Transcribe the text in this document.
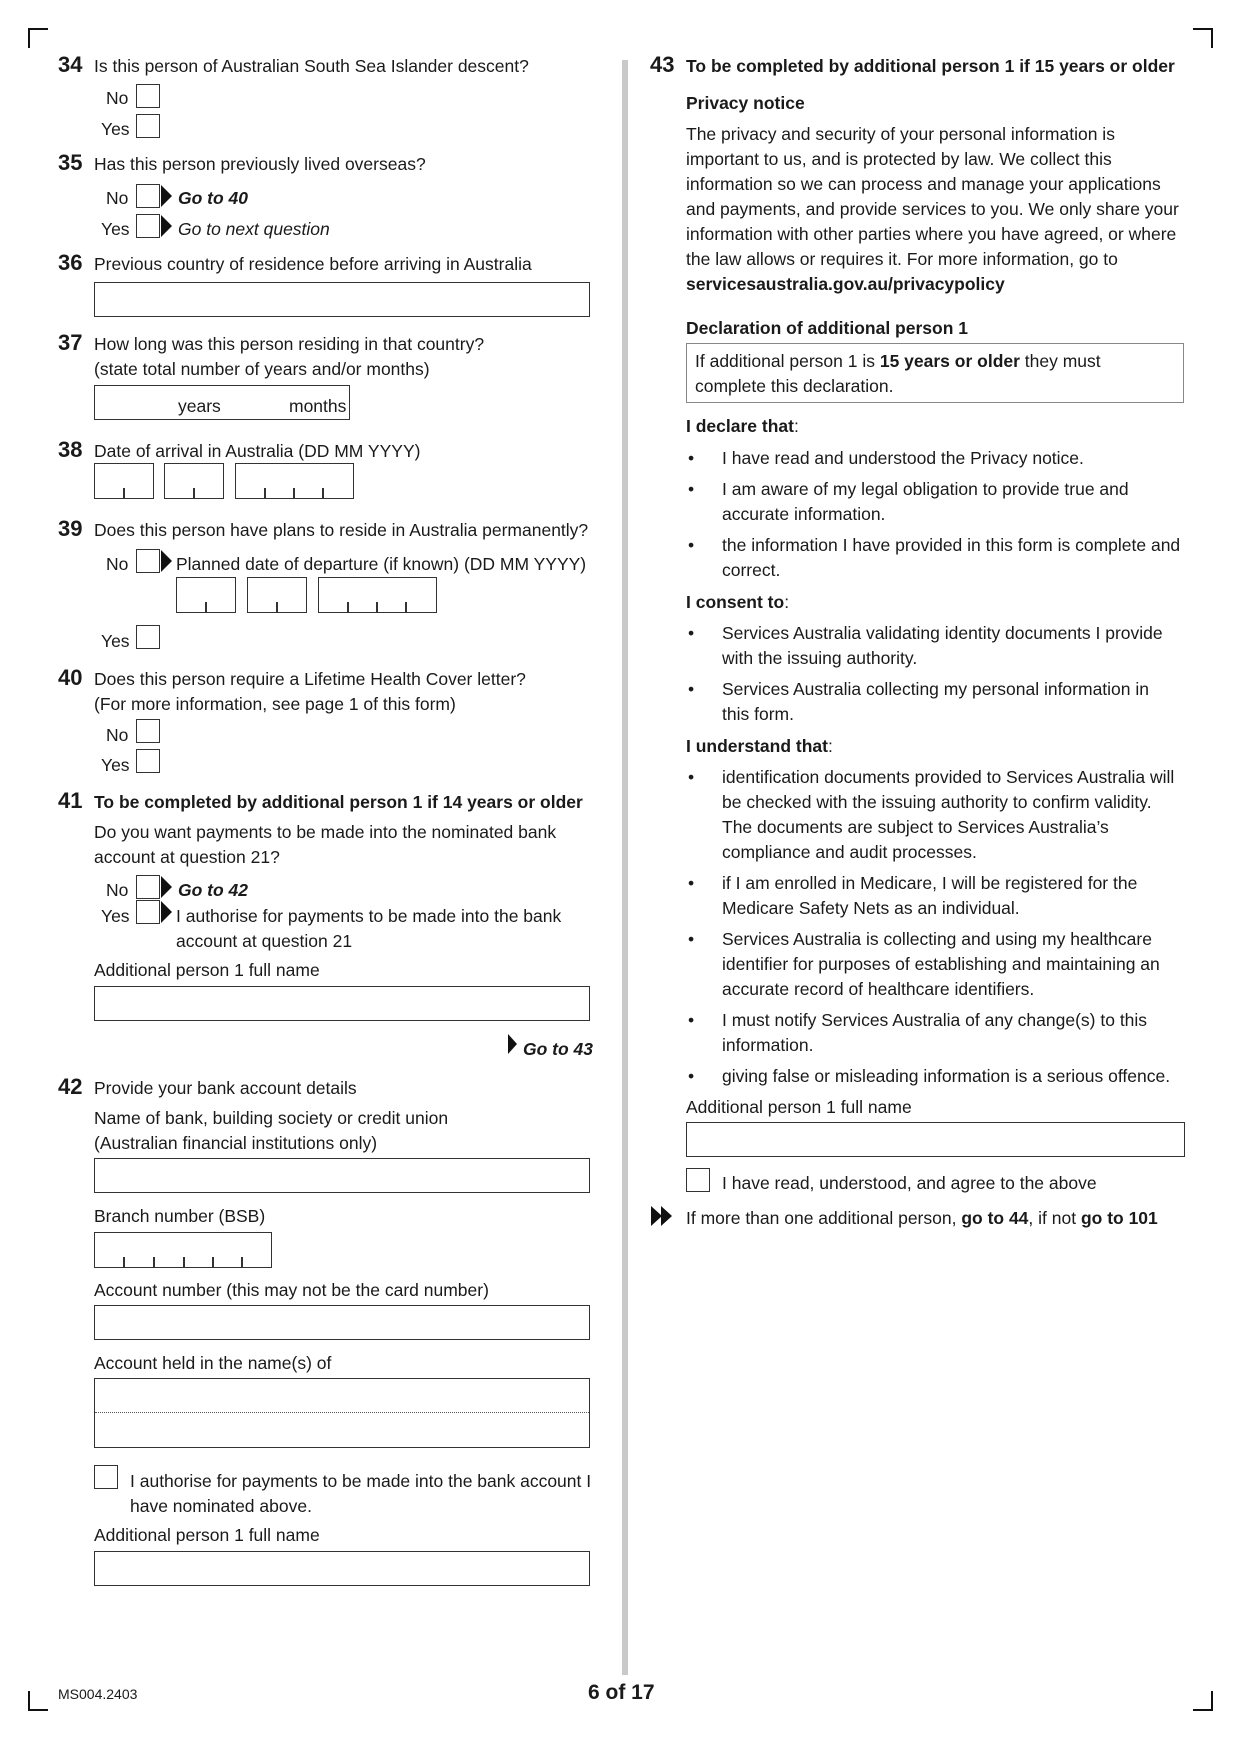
34 Is this person of Australian South Sea Islander descent?
No
Yes
35 Has this person previously lived overseas?
No	Go to 40
Yes	Go to next question
36 Previous country of residence before arriving in Australia
37 How long was this person residing in that country?
(state total number of years and/or months)
years	months
38 Date of arrival in Australia (DD MM YYYY)
39 Does this person have plans to reside in Australia permanently?
No	Planned date of departure (if known) (DD MM YYYY)
Yes
40 Does this person require a Lifetime Health Cover letter?
(For more information, see page 1 of this form)
No
Yes
41 To be completed by additional person 1 if 14 years or older
Do you want payments to be made into the nominated bank
account at question 21?
No	Go to 42
Yes	I authorise for payments to be made into the bank
account at question 21
Additional person 1 full name
Go to 43
42 Provide your bank account details
Name of bank, building society or credit union
(Australian financial institutions only)
Branch number (BSB)
Account number (this may not be the card number)
Account held in the name(s) of
I authorise for payments to be made into the bank account I
have nominated above.
Additional person 1 full name
43 To be completed by additional person 1 if 15 years or older
Privacy notice
The privacy and security of your personal information is
important to us, and is protected by law. We collect this
information so we can process and manage your applications
and payments, and provide services to you. We only share your
information with other parties where you have agreed, or where
the law allows or requires it. For more information, go to
servicesaustralia.gov.au/privacypolicy
Declaration of additional person 1
If additional person 1 is 15 years or older they must
complete this declaration.
I declare that:
• I have read and understood the Privacy notice.
• I am aware of my legal obligation to provide true and
accurate information.
• the information I have provided in this form is complete and
correct.
I consent to:
• Services Australia validating identity documents I provide
with the issuing authority.
• Services Australia collecting my personal information in
this form.
I understand that:
• identification documents provided to Services Australia will
be checked with the issuing authority to confirm validity.
The documents are subject to Services Australia’s
compliance and audit processes.
• if I am enrolled in Medicare, I will be registered for the
Medicare Safety Nets as an individual.
• Services Australia is collecting and using my healthcare
identifier for purposes of establishing and maintaining an
accurate record of healthcare identifiers.
• I must notify Services Australia of any change(s) to this
information.
• giving false or misleading information is a serious offence.
Additional person 1 full name
I have read, understood, and agree to the above
If more than one additional person, go to 44, if not go to 101
MS004.2403	6 of 17
